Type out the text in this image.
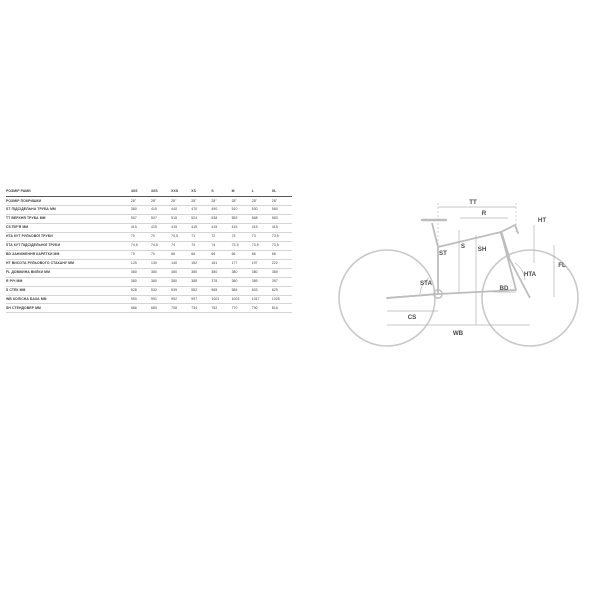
РОЗМІР РАМИ	4XS	3XS	XXS	XS	S	M	L	XL
РОЗМІР ПОКРИШКИ	28"	28"	28"	28"	28"	28"	28"	28"
ST ПІДСІДЕЛЬНА ТРУБА ММ	380	415	440	470	490	510	530	560
TT ВЕРХНЯ ТРУБА ММ	507	507	515	524	538	553	568	583
CS ПІР'Я ММ	415	415	415	415	415	415	415	415
HTA КУТ РУЛЬОВОЇ ТРУБИ	70	70	70,5	71	72	73	73	73,5
STA КУТ ПІДСІДЕЛЬНОЇ ТРУБИ	74,5	74,5	74	74	74	73,5	73,5	73,5
BD ЗАНИЖЕННЯ КАРЕТКИ ММ	70	70	66	66	66	66	66	66
HT ВИСОТА РУЛЬОВОГО СТАКАНУ ММ	125	130	140	152	161	177	197	222
FL ДОВЖИНА ВИЛКИ ММ	380	380	380	380	380	380	380	380
R РІЧ ММ	380	380	380	388	378	380	389	397
S СТЕК ММ	528	532	539	552	565	584	603	629
WB КОЛІСНА БАЗА ММ	990	991	992	997	1001	1003	1017	1025
SH СТЕНДОВЕР ММ	666	680	708	734	752	770	790	816
TT
R
HT
ST
S SH
STA
HTA
FL
BD
CS
WB
